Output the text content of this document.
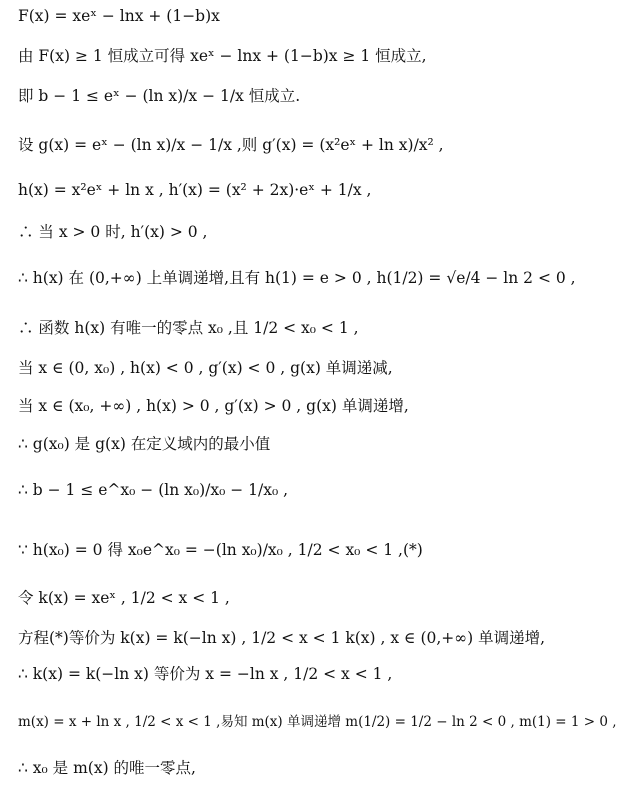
F(x) = xeˣ − lnx + (1−b)x
由 F(x) ≥ 1 恒成立可得 xeˣ − lnx + (1−b)x ≥ 1 恒成立,
即 b − 1 ≤ eˣ − (ln x)/x − 1/x 恒成立.
设 g(x) = eˣ − (ln x)/x − 1/x ,则 g′(x) = (x²eˣ + ln x)/x² ,
h(x) = x²eˣ + ln x , h′(x) = (x² + 2x)·eˣ + 1/x ,
∴ 当 x > 0 时, h′(x) > 0 ,
∴ h(x) 在 (0,+∞) 上单调递增,且有 h(1) = e > 0 , h(1/2) = √e/4 − ln 2 < 0 ,
∴ 函数 h(x) 有唯一的零点 x₀ ,且 1/2 < x₀ < 1 ,
当 x ∈ (0, x₀) , h(x) < 0 , g′(x) < 0 , g(x) 单调递减,
当 x ∈ (x₀, +∞) , h(x) > 0 , g′(x) > 0 , g(x) 单调递增,
∴ g(x₀) 是 g(x) 在定义域内的最小值
∴ b − 1 ≤ e^x₀ − (ln x₀)/x₀ − 1/x₀ ,
∵ h(x₀) = 0 得 x₀e^x₀ = −(ln x₀)/x₀ , 1/2 < x₀ < 1 ,(*)
令 k(x) = xeˣ , 1/2 < x < 1 ,
方程(*)等价为 k(x) = k(−ln x) , 1/2 < x < 1 k(x) , x ∈ (0,+∞) 单调递增,
∴ k(x) = k(−ln x) 等价为 x = −ln x , 1/2 < x < 1 ,
m(x) = x + ln x , 1/2 < x < 1 ,易知 m(x) 单调递增 m(1/2) = 1/2 − ln 2 < 0 , m(1) = 1 > 0 ,
∴ x₀ 是 m(x) 的唯一零点,
